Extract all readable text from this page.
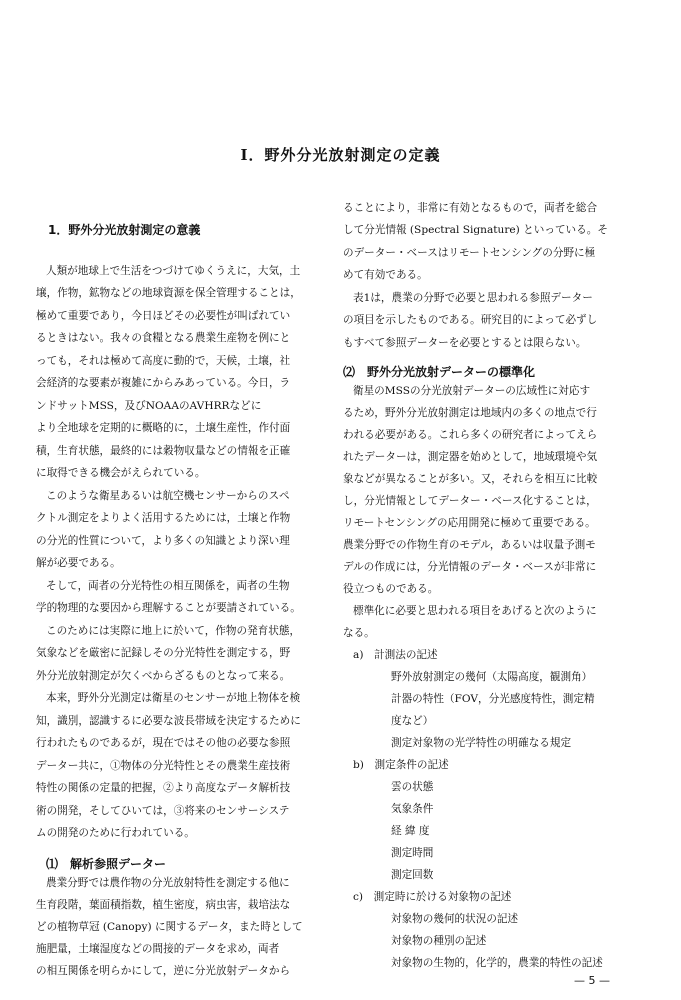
I．野外分光放射測定の定義
1．野外分光放射測定の意義
人類が地球上で生活をつづけてゆくうえに，大気，土
壌，作物，鉱物などの地球資源を保全管理することは，
極めて重要であり，今日ほどその必要性が叫ばれてい
るときはない。我々の食糧となる農業生産物を例にと
っても，それは極めて高度に動的で，天候，土壌，社
会経済的な要素が複雑にからみあっている。今日，ラ
ンドサットMSS，及びNOAAのAVHRRなどに
より全地球を定期的に概略的に，土壌生産性，作付面
積，生育状態，最終的には穀物収量などの情報を正確
に取得できる機会がえられている。
このような衛星あるいは航空機センサーからのスペ
クトル測定をよりよく活用するためには，土壌と作物
の分光的性質について，より多くの知識とより深い理
解が必要である。
そして，両者の分光特性の相互関係を，両者の生物
学的物理的な要因から理解することが要請されている。
このためには実際に地上に於いて，作物の発育状態，
気象などを厳密に記録しその分光特性を測定する，野
外分光放射測定が欠くべからざるものとなって来る。
本来，野外分光測定は衛星のセンサーが地上物体を検
知，識別，認識するに必要な波長帯域を決定するために
行われたものであるが，現在ではその他の必要な参照
データー共に，①物体の分光特性とその農業生産技術
特性の関係の定量的把握，②より高度なデータ解析技
術の開発，そしてひいては，③将来のセンサーシステ
ムの開発のために行われている。
⑴　解析参照データー
農業分野では農作物の分光放射特性を測定する他に
生育段階，葉面積指数，植生密度，病虫害，栽培法な
どの植物草冠 (Canopy) に関するデータ，また時として
施肥量，土壌湿度などの間接的データを求め，両者
の相互関係を明らかにして，逆に分光放射データから
ることにより，非常に有効となるもので，両者を総合
して分光情報 (Spectral Signature) といっている。そ
のデーター・ベースはリモートセンシングの分野に極
めて有効である。
表1は，農業の分野で必要と思われる参照データー
の項目を示したものである。研究目的によって必ずし
もすべて参照データーを必要とするとは限らない。
⑵　野外分光放射データーの標準化
衛星のMSSの分光放射データーの広域性に対応す
るため，野外分光放射測定は地域内の多くの地点で行
われる必要がある。これら多くの研究者によってえら
れたデーターは，測定器を始めとして，地域環境や気
象などが異なることが多い。又，それらを相互に比較
し，分光情報としてデーター・ベース化することは，
リモートセンシングの応用開発に極めて重要である。
農業分野での作物生育のモデル，あるいは収量予測モ
デルの作成には，分光情報のデータ・ベースが非常に
役立つものである。
標準化に必要と思われる項目をあげると次のように
なる。
a)　計測法の記述
野外放射測定の幾何（太陽高度，観測角）
計器の特性（FOV，分光感度特性，測定精
度など）
測定対象物の光学特性の明確なる規定
b)　測定条件の記述
雲の状態
気象条件
経 緯 度
測定時間
測定回数
c)　測定時に於ける対象物の記述
対象物の幾何的状況の記述
対象物の種別の記述
対象物の生物的，化学的，農業的特性の記述
— 5 —
